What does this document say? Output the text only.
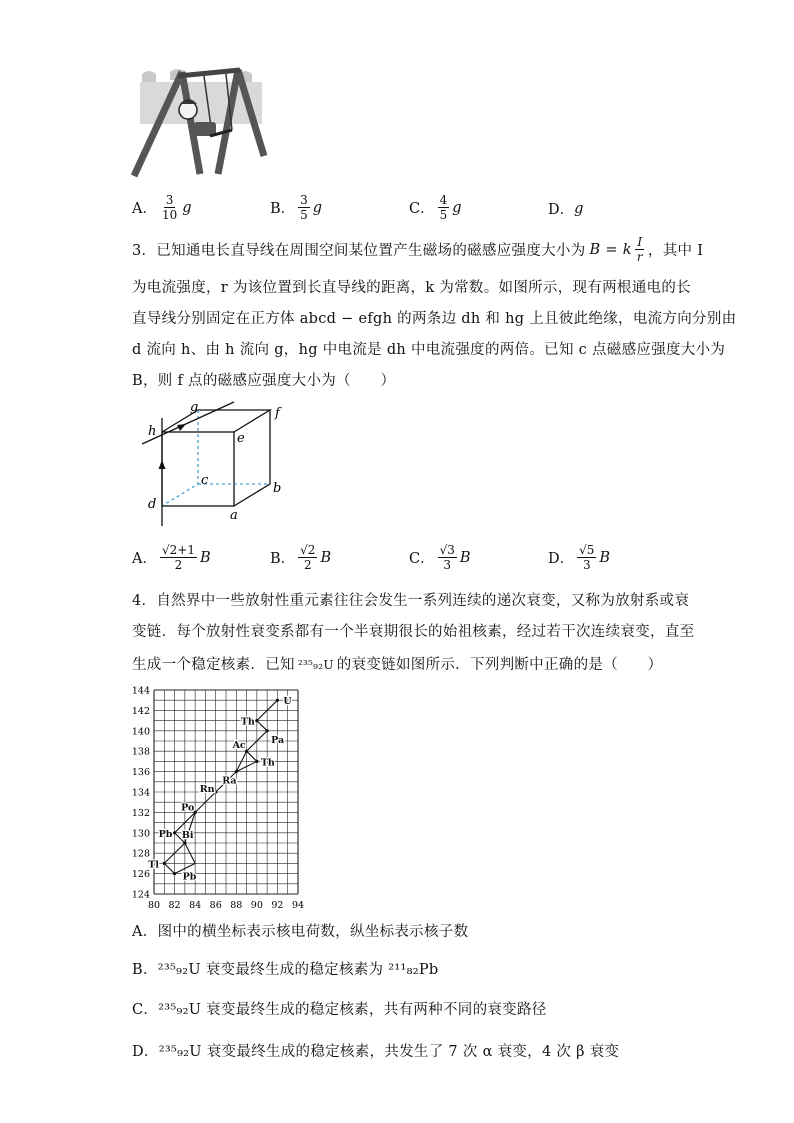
A． $\frac{3}{10}$ g	B． $\frac{3}{5}$ g	C． $\frac{4}{5}$ g	D． g
3．已知通电长直导线在周围空间某位置产生磁场的磁感应强度大小为 B = k $\frac{I}{r}$ ，其中 I
为电流强度，r 为该位置到长直导线的距离，k 为常数。如图所示，现有两根通电的长
直导线分别固定在正方体 abcd − efgh 的两条边 dh 和 hg 上且彼此绝缘，电流方向分别由
d 流向 h、由 h 流向 g，hg 中电流是 dh 中电流强度的两倍。已知 c 点磁感应强度大小为
B，则 f 点的磁感应强度大小为（　　）
g	f
h	e
c
b
d
a
A． $\frac{√2+1}{2}$ B	B． $\frac{√2}{2}$ B	C． $\frac{√3}{3}$ B	D． $\frac{√5}{3}$ B
4．自然界中一些放射性重元素往往会发生一系列连续的递次衰变，又称为放射系或衰
变链．每个放射性衰变系都有一个半衰期很长的始祖核素，经过若干次连续衰变，直至
生成一个稳定核素．已知 ²³⁵₉₂U 的衰变链如图所示．下列判断中正确的是（　　）
U
Th
Pa
Ac
Th
Ra
Rn
Po
Pb Bi
Tl
Pb
80 82 84 86 88 90 92 94
124
126
128
130
132
134
136
138
140
142
144
A．图中的横坐标表示核电荷数，纵坐标表示核子数
B．²³⁵₉₂U 衰变最终生成的稳定核素为 ²¹¹₈₂Pb
C．²³⁵₉₂U 衰变最终生成的稳定核素，共有两种不同的衰变路径
D．²³⁵₉₂U 衰变最终生成的稳定核素，共发生了 7 次 α 衰变，4 次 β 衰变
